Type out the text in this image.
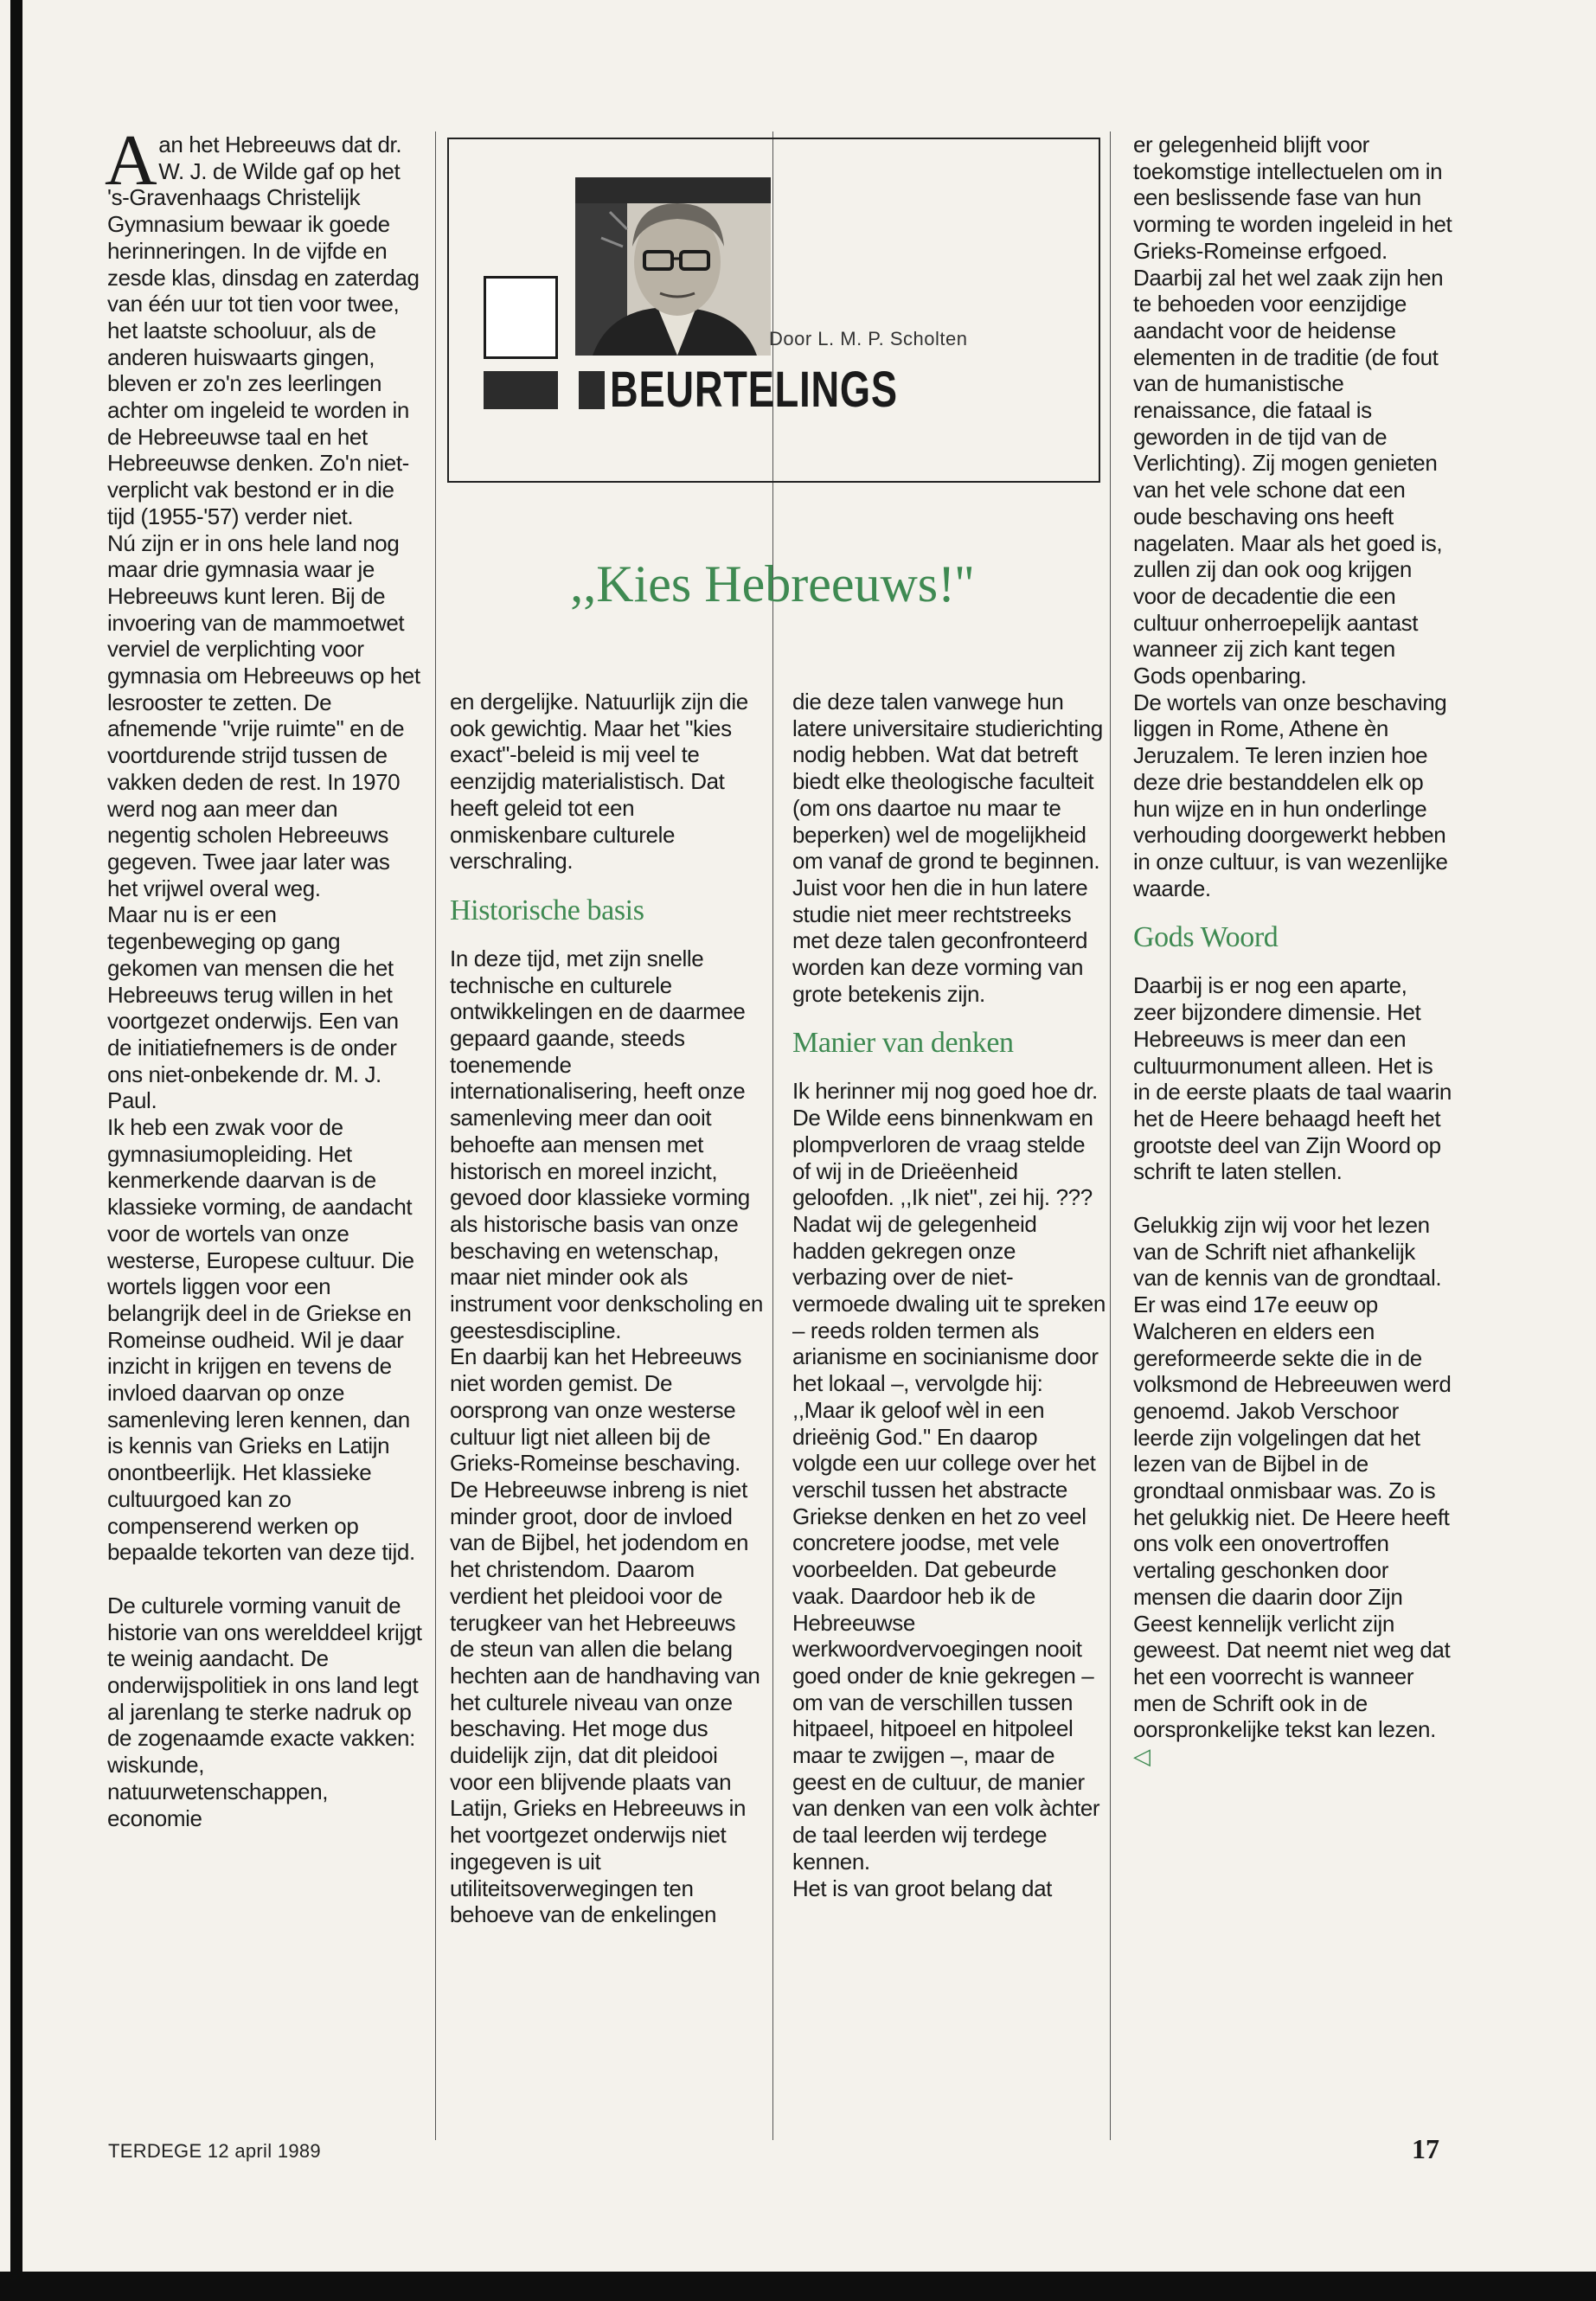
Aan het Hebreeuws dat dr. W. J. de Wilde gaf op het 's-Gravenhaags Christelijk Gymnasium bewaar ik goede herinneringen. In de vijfde en zesde klas, dinsdag en zaterdag van één uur tot tien voor twee, het laatste schooluur, als de anderen huiswaarts gingen, bleven er zo'n zes leerlingen achter om ingeleid te worden in de Hebreeuwse taal en het Hebreeuwse denken. Zo'n niet-verplicht vak bestond er in die tijd (1955-'57) verder niet.

Nú zijn er in ons hele land nog maar drie gymnasia waar je Hebreeuws kunt leren. Bij de invoering van de mammoetwet verviel de verplichting voor gymnasia om Hebreeuws op het lesrooster te zetten. De afnemende "vrije ruimte" en de voortdurende strijd tussen de vakken deden de rest. In 1970 werd nog aan meer dan negentig scholen Hebreeuws gegeven. Twee jaar later was het vrijwel overal weg.

Maar nu is er een tegenbeweging op gang gekomen van mensen die het Hebreeuws terug willen in het voortgezet onderwijs. Een van de initiatiefnemers is de onder ons niet-onbekende dr. M. J. Paul.

Ik heb een zwak voor de gymnasiumopleiding. Het kenmerkende daarvan is de klassieke vorming, de aandacht voor de wortels van onze westerse, Europese cultuur. Die wortels liggen voor een belangrijk deel in de Griekse en Romeinse oudheid. Wil je daar inzicht in krijgen en tevens de invloed daarvan op onze samenleving leren kennen, dan is kennis van Grieks en Latijn onontbeerlijk. Het klassieke cultuurgoed kan zo compenserend werken op bepaalde tekorten van deze tijd.

De culturele vorming vanuit de historie van ons werelddeel krijgt te weinig aandacht. De onderwijspolitiek in ons land legt al jarenlang te sterke nadruk op de zogenaamde exacte vakken: wiskunde, natuurwetenschappen, economie

Door L. M. P. Scholten
BEURTELINGS
,,Kies Hebreeuws!''

en dergelijke. Natuurlijk zijn die ook gewichtig. Maar het "kies exact"-beleid is mij veel te eenzijdig materialistisch. Dat heeft geleid tot een onmiskenbare culturele verschraling.

Historische basis

In deze tijd, met zijn snelle technische en culturele ontwikkelingen en de daarmee gepaard gaande, steeds toenemende internationalisering, heeft onze samenleving meer dan ooit behoefte aan mensen met historisch en moreel inzicht, gevoed door klassieke vorming als historische basis van onze beschaving en wetenschap, maar niet minder ook als instrument voor denkscholing en geestesdiscipline.

En daarbij kan het Hebreeuws niet worden gemist. De oorsprong van onze westerse cultuur ligt niet alleen bij de Grieks-Romeinse beschaving. De Hebreeuwse inbreng is niet minder groot, door de invloed van de Bijbel, het jodendom en het christendom. Daarom verdient het pleidooi voor de terugkeer van het Hebreeuws de steun van allen die belang hechten aan de handhaving van het culturele niveau van onze beschaving. Het moge dus duidelijk zijn, dat dit pleidooi voor een blijvende plaats van Latijn, Grieks en Hebreeuws in het voortgezet onderwijs niet ingegeven is uit utiliteitsoverwegingen ten behoeve van de enkelingen

die deze talen vanwege hun latere universitaire studierichting nodig hebben. Wat dat betreft biedt elke theologische faculteit (om ons daartoe nu maar te beperken) wel de mogelijkheid om vanaf de grond te beginnen. Juist voor hen die in hun latere studie niet meer rechtstreeks met deze talen geconfronteerd worden kan deze vorming van grote betekenis zijn.

Manier van denken

Ik herinner mij nog goed hoe dr. De Wilde eens binnenkwam en plompverloren de vraag stelde of wij in de Drieëenheid geloofden. ,,Ik niet'', zei hij. ??? Nadat wij de gelegenheid hadden gekregen onze verbazing over de niet-vermoede dwaling uit te spreken – reeds rolden termen als arianisme en socinianisme door het lokaal –, vervolgde hij: ,,Maar ik geloof wèl in een drieënig God.'' En daarop volgde een uur college over het verschil tussen het abstracte Griekse denken en het zo veel concretere joodse, met vele voorbeelden. Dat gebeurde vaak. Daardoor heb ik de Hebreeuwse werkwoordvervoegingen nooit goed onder de knie gekregen – om van de verschillen tussen hitpaeel, hitpoeel en hitpoleel maar te zwijgen –, maar de geest en de cultuur, de manier van denken van een volk àchter de taal leerden wij terdege kennen.

Het is van groot belang dat

er gelegenheid blijft voor toekomstige intellectuelen om in een beslissende fase van hun vorming te worden ingeleid in het Grieks-Romeinse erfgoed. Daarbij zal het wel zaak zijn hen te behoeden voor eenzijdige aandacht voor de heidense elementen in de traditie (de fout van de humanistische renaissance, die fataal is geworden in de tijd van de Verlichting). Zij mogen genieten van het vele schone dat een oude beschaving ons heeft nagelaten. Maar als het goed is, zullen zij dan ook oog krijgen voor de decadentie die een cultuur onherroepelijk aantast wanneer zij zich kant tegen Gods openbaring.

De wortels van onze beschaving liggen in Rome, Athene èn Jeruzalem. Te leren inzien hoe deze drie bestanddelen elk op hun wijze en in hun onderlinge verhouding doorgewerkt hebben in onze cultuur, is van wezenlijke waarde.

Gods Woord

Daarbij is er nog een aparte, zeer bijzondere dimensie. Het Hebreeuws is meer dan een cultuurmonument alleen. Het is in de eerste plaats de taal waarin het de Heere behaagd heeft het grootste deel van Zijn Woord op schrift te laten stellen.

Gelukkig zijn wij voor het lezen van de Schrift niet afhankelijk van de kennis van de grondtaal. Er was eind 17e eeuw op Walcheren en elders een gereformeerde sekte die in de volksmond de Hebreeuwen werd genoemd. Jakob Verschoor leerde zijn volgelingen dat het lezen van de Bijbel in de grondtaal onmisbaar was. Zo is het gelukkig niet. De Heere heeft ons volk een onovertroffen vertaling geschonken door mensen die daarin door Zijn Geest kennelijk verlicht zijn geweest. Dat neemt niet weg dat het een voorrecht is wanneer men de Schrift ook in de oorspronkelijke tekst kan lezen. ◁

TERDEGE 12 april 1989	17
